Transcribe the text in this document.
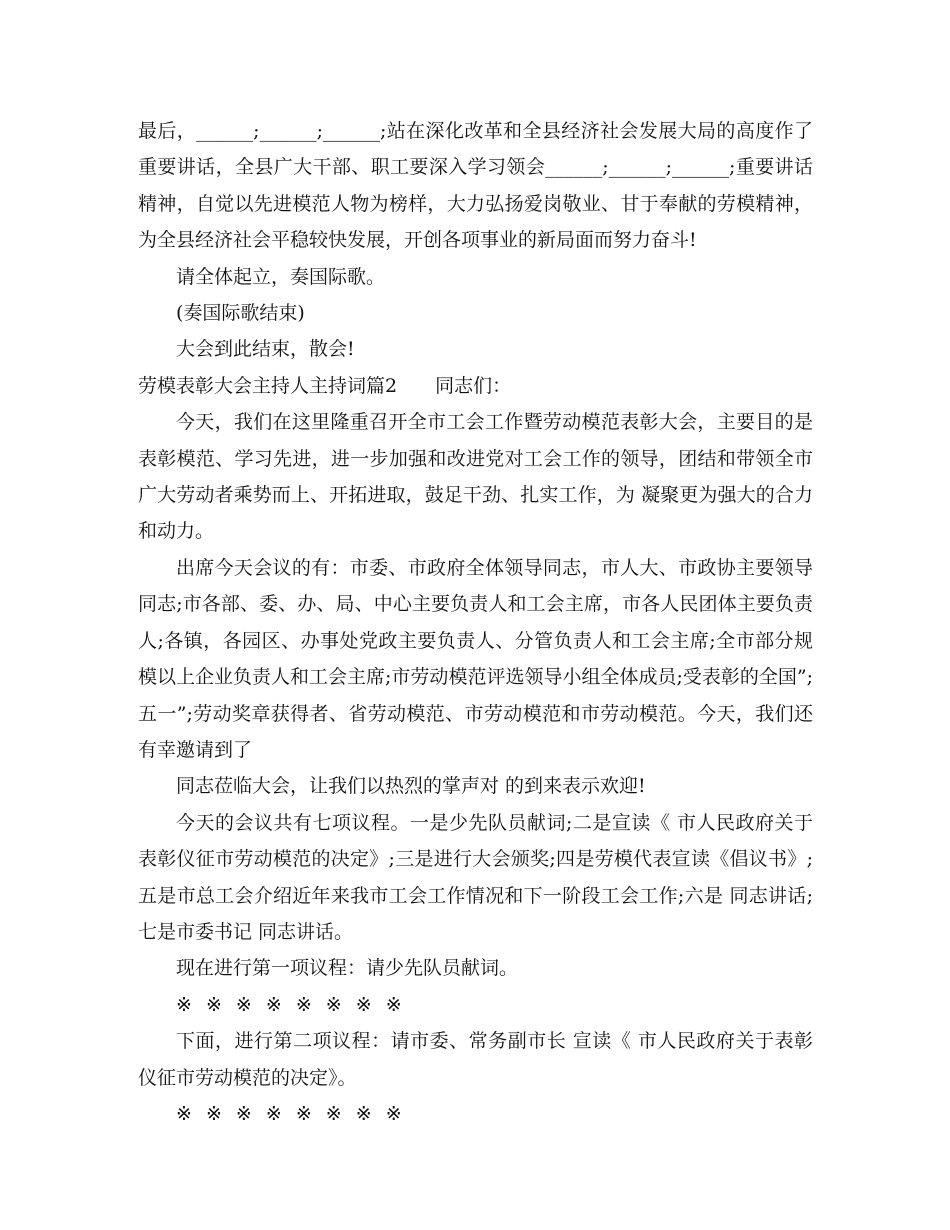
最后，______;______;______;站在深化改革和全县经济社会发展大局的高度作了重要讲话，全县广大干部、职工要深入学习领会______;______;______;重要讲话精神，自觉以先进模范人物为榜样，大力弘扬爱岗敬业、甘于奉献的劳模精神，为全县经济社会平稳较快发展，开创各项事业的新局面而努力奋斗!

请全体起立，奏国际歌。

(奏国际歌结束)

大会到此结束，散会!

劳模表彰大会主持人主持词篇2　　同志们：

今天，我们在这里隆重召开全市工会工作暨劳动模范表彰大会，主要目的是表彰模范、学习先进，进一步加强和改进党对工会工作的领导，团结和带领全市广大劳动者乘势而上、开拓进取，鼓足干劲、扎实工作，为 凝聚更为强大的合力和动力。

出席今天会议的有：市委、市政府全体领导同志，市人大、市政协主要领导同志;市各部、委、办、局、中心主要负责人和工会主席，市各人民团体主要负责人;各镇，各园区、办事处党政主要负责人、分管负责人和工会主席;全市部分规模以上企业负责人和工会主席;市劳动模范评选领导小组全体成员;受表彰的全国”;五一”;劳动奖章获得者、省劳动模范、市劳动模范和市劳动模范。今天，我们还有幸邀请到了

同志莅临大会，让我们以热烈的掌声对 的到来表示欢迎!

今天的会议共有七项议程。一是少先队员献词;二是宣读《 市人民政府关于表彰仪征市劳动模范的决定》;三是进行大会颁奖;四是劳模代表宣读《倡议书》;五是市总工会介绍近年来我市工会工作情况和下一阶段工会工作;六是 同志讲话;七是市委书记 同志讲话。

现在进行第一项议程：请少先队员献词。

※ ※ ※ ※ ※ ※ ※ ※

下面，进行第二项议程：请市委、常务副市长 宣读《 市人民政府关于表彰仪征市劳动模范的决定》。

※ ※ ※ ※ ※ ※ ※ ※
